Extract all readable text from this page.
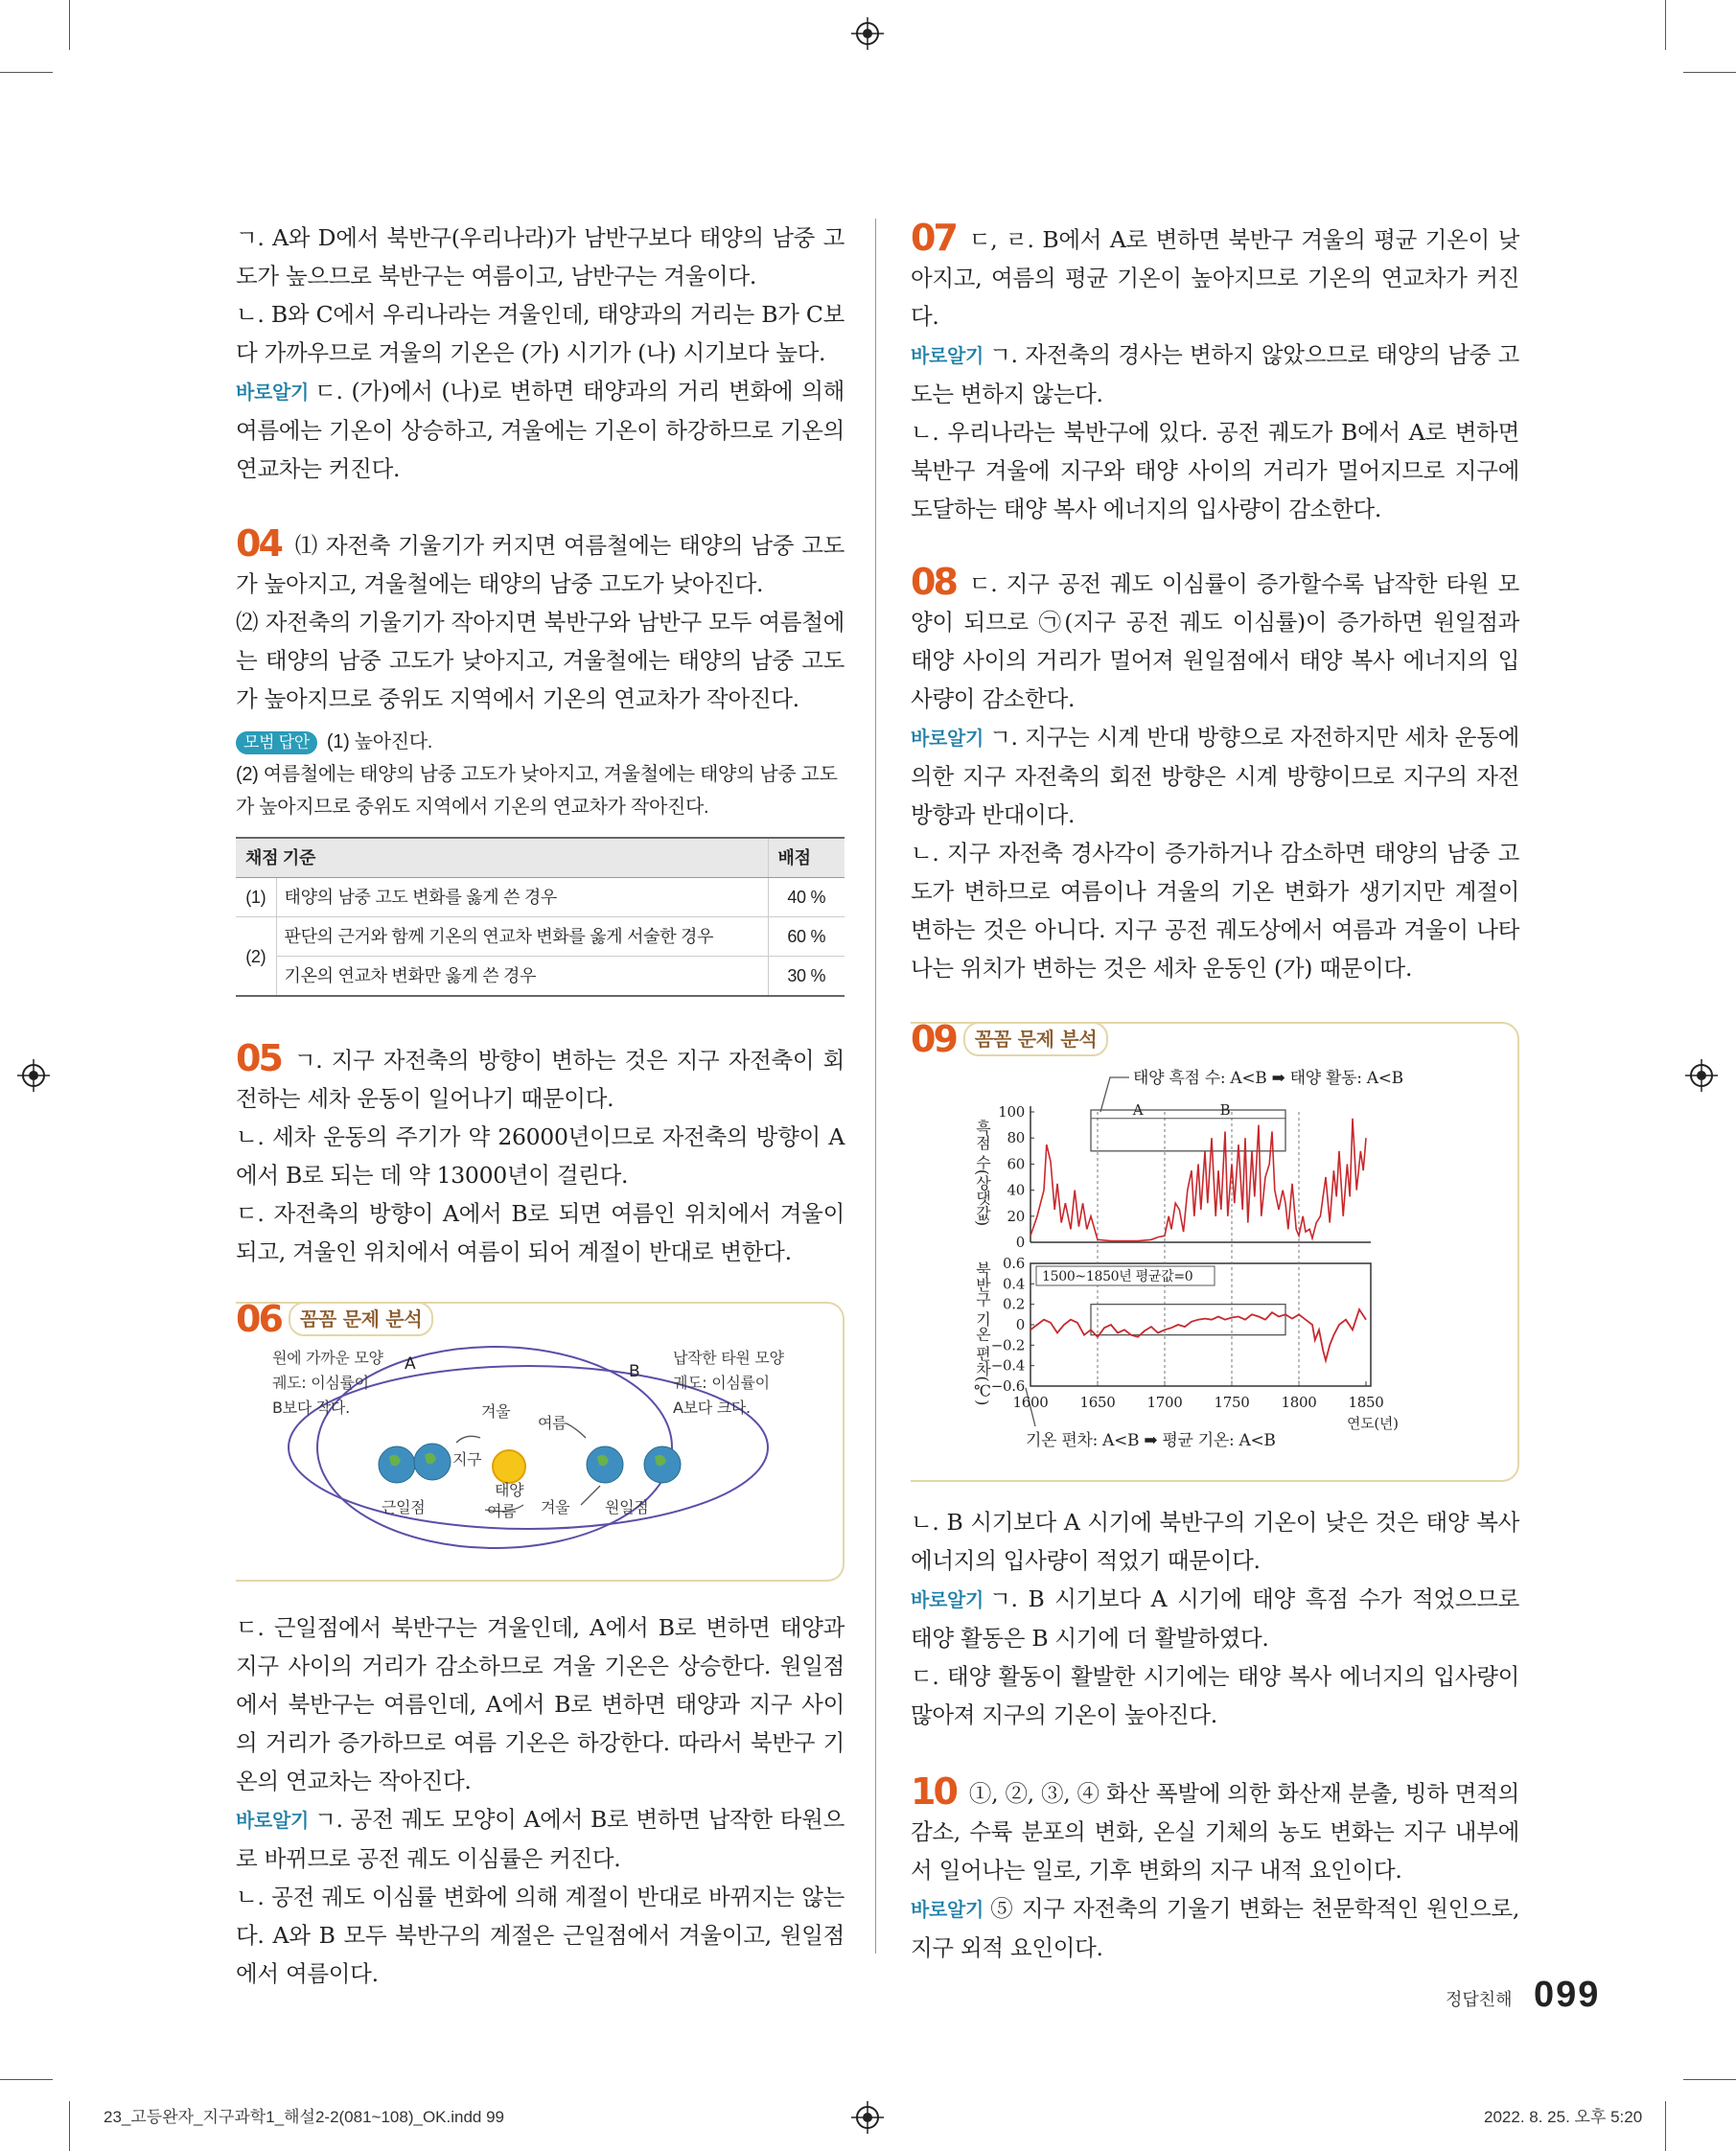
ㄱ. A와 D에서 북반구(우리나라)가 남반구보다 태양의 남중 고도가 높으므로 북반구는 여름이고, 남반구는 겨울이다.

ㄴ. B와 C에서 우리나라는 겨울인데, 태양과의 거리는 B가 C보다 가까우므로 겨울의 기온은 (가) 시기가 (나) 시기보다 높다.

바로알기 ㄷ. (가)에서 (나)로 변하면 태양과의 거리 변화에 의해 여름에는 기온이 상승하고, 겨울에는 기온이 하강하므로 기온의 연교차는 커진다.

04 ⑴ 자전축 기울기가 커지면 여름철에는 태양의 남중 고도가 높아지고, 겨울철에는 태양의 남중 고도가 낮아진다.

⑵ 자전축의 기울기가 작아지면 북반구와 남반구 모두 여름철에는 태양의 남중 고도가 낮아지고, 겨울철에는 태양의 남중 고도가 높아지므로 중위도 지역에서 기온의 연교차가 작아진다.

모범 답안 (1) 높아진다.
(2) 여름철에는 태양의 남중 고도가 낮아지고, 겨울철에는 태양의 남중 고도가 높아지므로 중위도 지역에서 기온의 연교차가 작아진다.
채점 기준		배점
(1)	태양의 남중 고도 변화를 옳게 쓴 경우	40 %
(2)	판단의 근거와 함께 기온의 연교차 변화를 옳게 서술한 경우	60 %
	기온의 연교차 변화만 옳게 쓴 경우	30 %

05 ㄱ. 지구 자전축의 방향이 변하는 것은 지구 자전축이 회전하는 세차 운동이 일어나기 때문이다.

ㄴ. 세차 운동의 주기가 약 26000년이므로 자전축의 방향이 A에서 B로 되는 데 약 13000년이 걸린다.

ㄷ. 자전축의 방향이 A에서 B로 되면 여름인 위치에서 겨울이 되고, 겨울인 위치에서 여름이 되어 계절이 반대로 변한다.

06	꼼꼼 문제 분석
원에 가까운 모양
궤도: 이심률이
B보다 작다.
납작한 타원 모양
궤도: 이심률이
A보다 크다.
A	B
겨울
여름
지구
태양
여름 겨울
근일점	원일점

ㄷ. 근일점에서 북반구는 겨울인데, A에서 B로 변하면 태양과 지구 사이의 거리가 감소하므로 겨울 기온은 상승한다. 원일점에서 북반구는 여름인데, A에서 B로 변하면 태양과 지구 사이의 거리가 증가하므로 여름 기온은 하강한다. 따라서 북반구 기온의 연교차는 작아진다.

바로알기 ㄱ. 공전 궤도 모양이 A에서 B로 변하면 납작한 타원으로 바뀌므로 공전 궤도 이심률은 커진다.

ㄴ. 공전 궤도 이심률 변화에 의해 계절이 반대로 바뀌지는 않는다. A와 B 모두 북반구의 계절은 근일점에서 겨울이고, 원일점에서 여름이다.

07 ㄷ, ㄹ. B에서 A로 변하면 북반구 겨울의 평균 기온이 낮아지고, 여름의 평균 기온이 높아지므로 기온의 연교차가 커진다.

바로알기 ㄱ. 자전축의 경사는 변하지 않았으므로 태양의 남중 고도는 변하지 않는다.

ㄴ. 우리나라는 북반구에 있다. 공전 궤도가 B에서 A로 변하면 북반구 겨울에 지구와 태양 사이의 거리가 멀어지므로 지구에 도달하는 태양 복사 에너지의 입사량이 감소한다.

08 ㄷ. 지구 공전 궤도 이심률이 증가할수록 납작한 타원 모양이 되므로 ㉠(지구 공전 궤도 이심률)이 증가하면 원일점과 태양 사이의 거리가 멀어져 원일점에서 태양 복사 에너지의 입사량이 감소한다.

바로알기 ㄱ. 지구는 시계 반대 방향으로 자전하지만 세차 운동에 의한 지구 자전축의 회전 방향은 시계 방향이므로 지구의 자전 방향과 반대이다.

ㄴ. 지구 자전축 경사각이 증가하거나 감소하면 태양의 남중 고도가 변하므로 여름이나 겨울의 기온 변화가 생기지만 계절이 변하는 것은 아니다. 지구 공전 궤도상에서 여름과 겨울이 나타나는 위치가 변하는 것은 세차 운동인 (가) 때문이다.

09	꼼꼼 문제 분석
태양 흑점 수: A<B ➡ 태양 활동: A<B
기온 편차: A<B ➡ 평균 기온: A<B
흑점 수(상댓값)
북반구 기온 편차(℃)
100
80
60
40
20
0
0.6
0.4
0.2
0
−0.2
−0.4
−0.6
1600 1650 1700 1750 1800 1850
연도(년)
A	B
1500~1850년 평균값=0

ㄴ. B 시기보다 A 시기에 북반구의 기온이 낮은 것은 태양 복사 에너지의 입사량이 적었기 때문이다.

바로알기 ㄱ. B 시기보다 A 시기에 태양 흑점 수가 적었으므로 태양 활동은 B 시기에 더 활발하였다.

ㄷ. 태양 활동이 활발한 시기에는 태양 복사 에너지의 입사량이 많아져 지구의 기온이 높아진다.

10 ①, ②, ③, ④ 화산 폭발에 의한 화산재 분출, 빙하 면적의 감소, 수륙 분포의 변화, 온실 기체의 농도 변화는 지구 내부에서 일어나는 일로, 기후 변화의 지구 내적 요인이다.

바로알기 ⑤ 지구 자전축의 기울기 변화는 천문학적인 원인으로, 지구 외적 요인이다.

정답친해 099
23_고등완자_지구과학1_해설2-2(081~108)_OK.indd 99	2022. 8. 25. 오후 5:20
